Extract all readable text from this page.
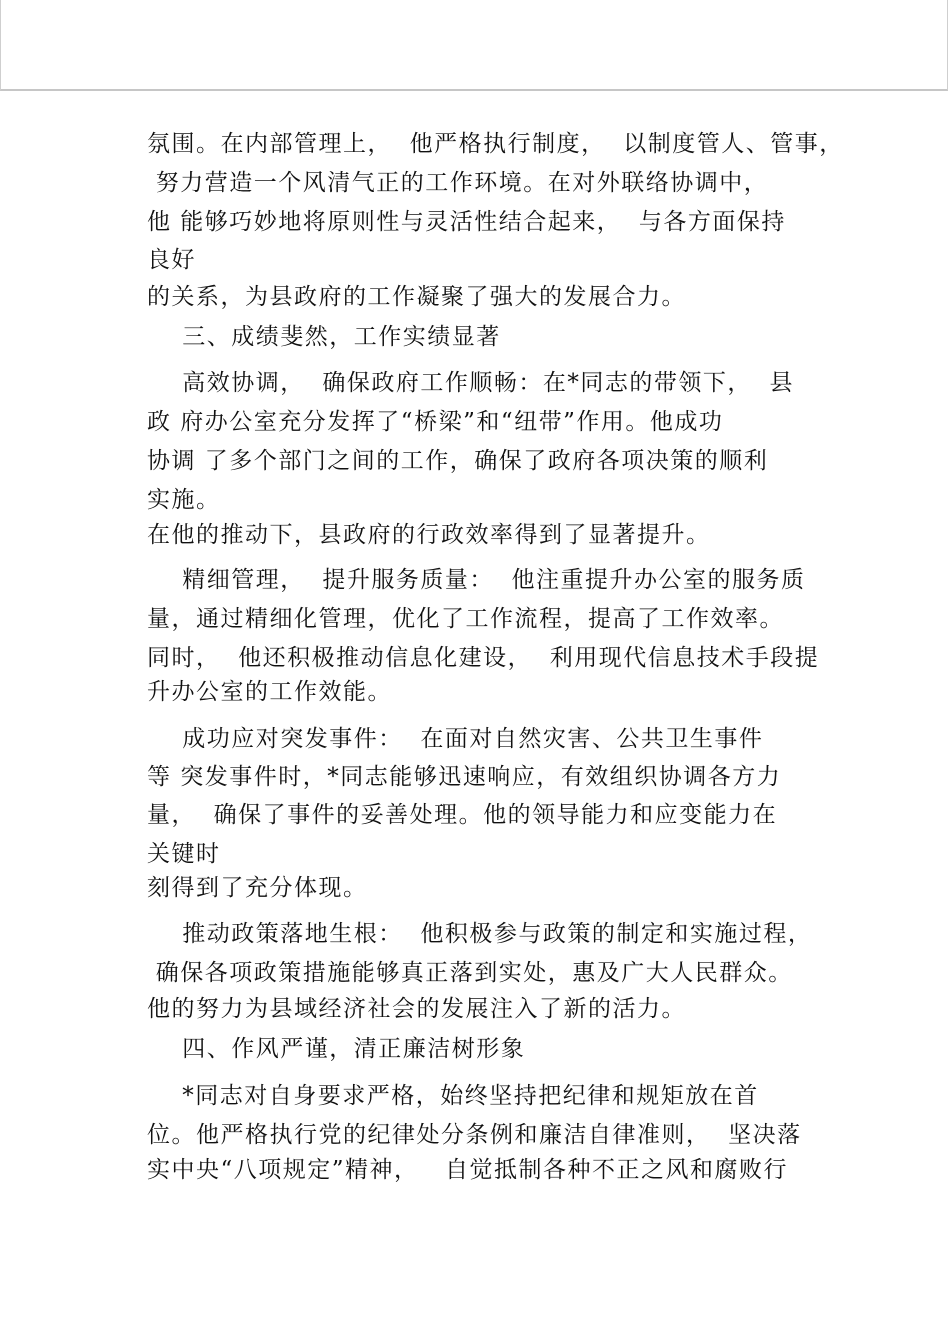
氛围。在内部管理上，  他严格执行制度，  以制度管人、管事，
努力营造一个风清气正的工作环境。在对外联络协调中，
他 能够巧妙地将原则性与灵活性结合起来，  与各方面保持
良好
的关系，为县政府的工作凝聚了强大的发展合力。
三、成绩斐然，工作实绩显著
高效协调，  确保政府工作顺畅：在*同志的带领下，  县
政 府办公室充分发挥了“桥梁”和“纽带”作用。他成功
协调 了多个部门之间的工作，确保了政府各项决策的顺利
实施。
在他的推动下，县政府的行政效率得到了显著提升。
精细管理，  提升服务质量：  他注重提升办公室的服务质
量，通过精细化管理，优化了工作流程，提高了工作效率。
同时，  他还积极推动信息化建设，  利用现代信息技术手段提
升办公室的工作效能。
成功应对突发事件：  在面对自然灾害、公共卫生事件
等 突发事件时，*同志能够迅速响应，有效组织协调各方力
量，  确保了事件的妥善处理。他的领导能力和应变能力在
关键时
刻得到了充分体现。
推动政策落地生根：  他积极参与政策的制定和实施过程，
确保各项政策措施能够真正落到实处，惠及广大人民群众。
他的努力为县域经济社会的发展注入了新的活力。
四、作风严谨，清正廉洁树形象
*同志对自身要求严格，始终坚持把纪律和规矩放在首
位。他严格执行党的纪律处分条例和廉洁自律准则，  坚决落
实中央“八项规定”精神，   自觉抵制各种不正之风和腐败行
